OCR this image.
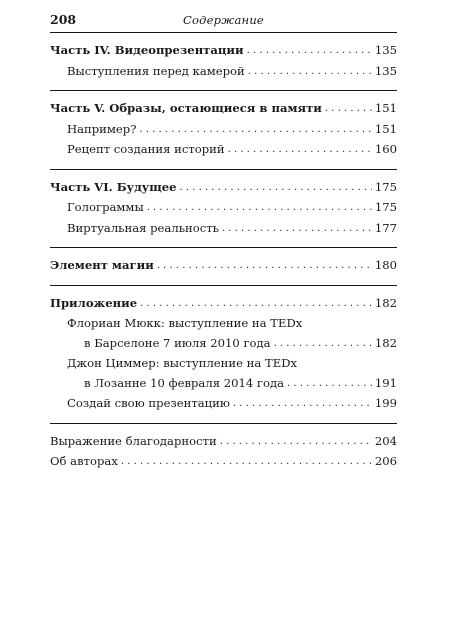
208	Содержание
Часть IV. Видеопрезентации . . .	135
Выступления перед камерой . . .	135
Часть V. Образы, остающиеся в памяти . . .	151
Например? . . .	151
Рецепт создания историй . . .	160
Часть VI. Будущее . . .	175
Голограммы . . .	175
Виртуальная реальность . . .	177
Элемент магии . . .	180
Приложение . . .	182
Флориан Мюкк: выступление на TEDx
в Барселоне 7 июля 2010 года . . .	182
Джон Циммер: выступление на TEDx
в Лозанне 10 февраля 2014 года . . .	191
Создай свою презентацию . . .	199
Выражение благодарности . . .	204
Об авторах . . .	206
